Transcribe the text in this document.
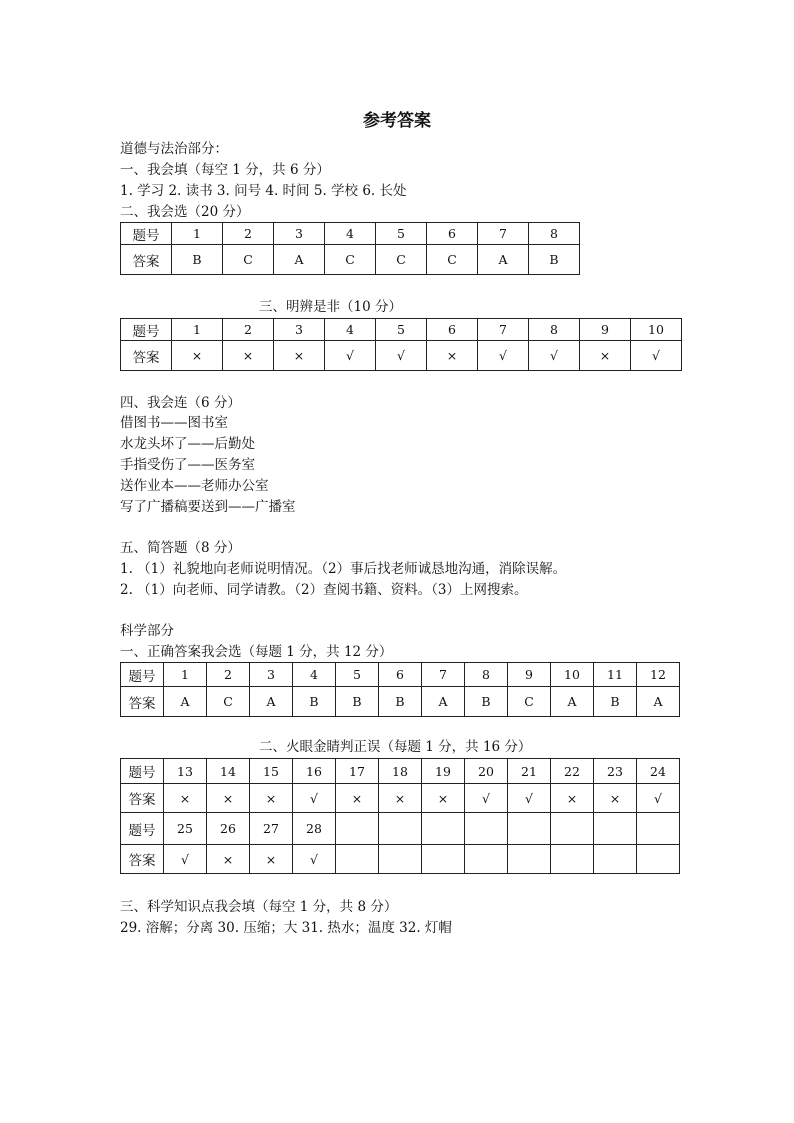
参考答案
道德与法治部分：
一、我会填（每空 1 分，共 6 分）
1. 学习 2. 读书 3. 问号 4. 时间 5. 学校 6. 长处
二、我会选（20 分）
题号	1	2	3	4	5	6	7	8
答案	B	C	A	C	C	C	A	B
三、明辨是非（10 分）
题号	1	2	3	4	5	6	7	8	9	10
答案	×	×	×	√	√	×	√	√	×	√
四、我会连（6 分）
借图书——图书室
水龙头坏了——后勤处
手指受伤了——医务室
送作业本——老师办公室
写了广播稿要送到——广播室
五、简答题（8 分）
1. （1）礼貌地向老师说明情况。（2）事后找老师诚恳地沟通，消除误解。
2. （1）向老师、同学请教。（2）查阅书籍、资料。（3）上网搜索。
科学部分
一、正确答案我会选（每题 1 分，共 12 分）
题号	1	2	3	4	5	6	7	8	9	10	11	12
答案	A	C	A	B	B	B	A	B	C	A	B	A
二、火眼金睛判正误（每题 1 分，共 16 分）
题号	13	14	15	16	17	18	19	20	21	22	23	24
答案	×	×	×	√	×	×	×	√	√	×	×	√
题号	25	26	27	28								
答案	√	×	×	√								
三、科学知识点我会填（每空 1 分，共 8 分）
29. 溶解；分离 30. 压缩；大 31. 热水；温度 32. 灯帽
